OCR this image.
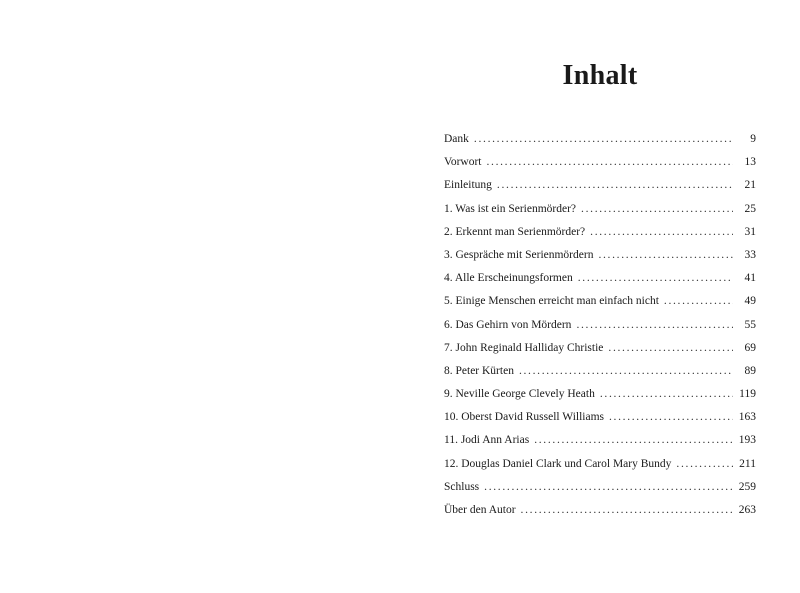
Inhalt
Dank . . .	9
Vorwort . . .	13
Einleitung . . .	21
1. Was ist ein Serienmörder? . . .	25
2. Erkennt man Serienmörder? . . .	31
3. Gespräche mit Serienmördern . . .	33
4. Alle Erscheinungsformen . . .	41
5. Einige Menschen erreicht man einfach nicht . . .	49
6. Das Gehirn von Mördern . . .	55
7. John Reginald Halliday Christie . . .	69
8. Peter Kürten . . .	89
9. Neville George Clevely Heath . . .	119
10. Oberst David Russell Williams . . .	163
11. Jodi Ann Arias . . .	193
12. Douglas Daniel Clark und Carol Mary Bundy . . .	211
Schluss . . .	259
Über den Autor . . .	263
